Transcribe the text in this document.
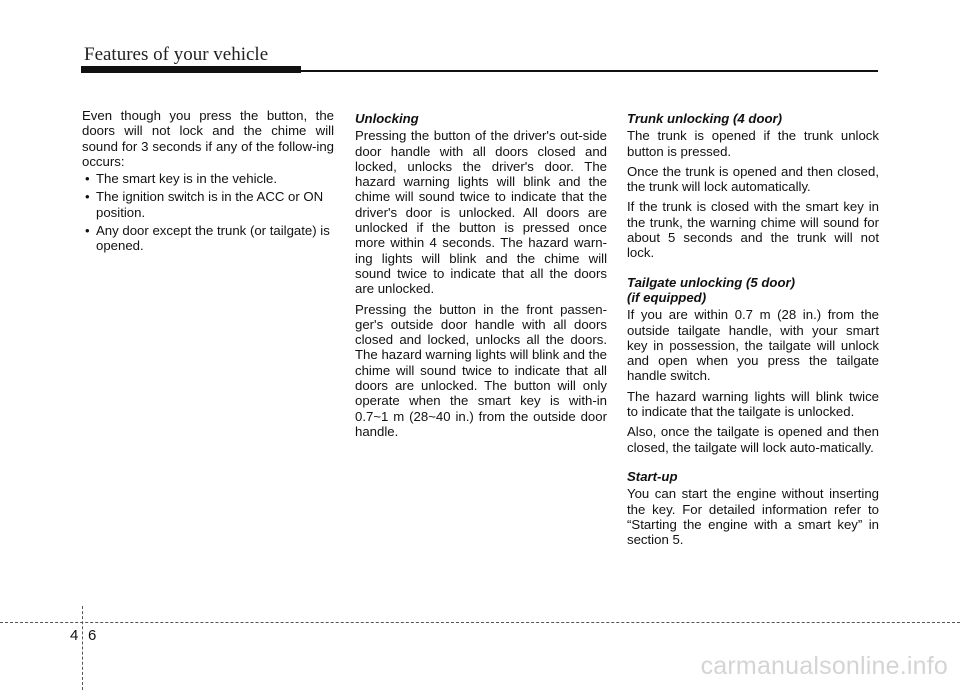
Features of your vehicle

Even though you press the button, the doors will not lock and the chime will sound for 3 seconds if any of the follow-ing occurs:

• The smart key is in the vehicle.
• The ignition switch is in the ACC or ON position.
• Any door except the trunk (or tailgate) is opened.
Unlocking

Pressing the button of the driver's out-side door handle with all doors closed and locked, unlocks the driver's door. The hazard warning lights will blink and the chime will sound twice to indicate that the driver's door is unlocked. All doors are unlocked if the button is pressed once more within 4 seconds. The hazard warn-ing lights will blink and the chime will sound twice to indicate that all the doors are unlocked.

Pressing the button in the front passen-ger's outside door handle with all doors closed and locked, unlocks all the doors. The hazard warning lights will blink and the chime will sound twice to indicate that all doors are unlocked. The button will only operate when the smart key is with-in 0.7~1 m (28~40 in.) from the outside door handle.

Trunk unlocking (4 door)

The trunk is opened if the trunk unlock button is pressed.

Once the trunk is opened and then closed, the trunk will lock automatically.

If the trunk is closed with the smart key in the trunk, the warning chime will sound for about 5 seconds and the trunk will not lock.

Tailgate unlocking (5 door)
(if equipped)

If you are within 0.7 m (28 in.) from the outside tailgate handle, with your smart key in possession, the tailgate will unlock and open when you press the tailgate handle switch.

The hazard warning lights will blink twice to indicate that the tailgate is unlocked.

Also, once the tailgate is opened and then closed, the tailgate will lock auto-matically.

Start-up

You can start the engine without inserting the key. For detailed information refer to “Starting the engine with a smart key” in section 5.

4 6
carmanualsonline.info
